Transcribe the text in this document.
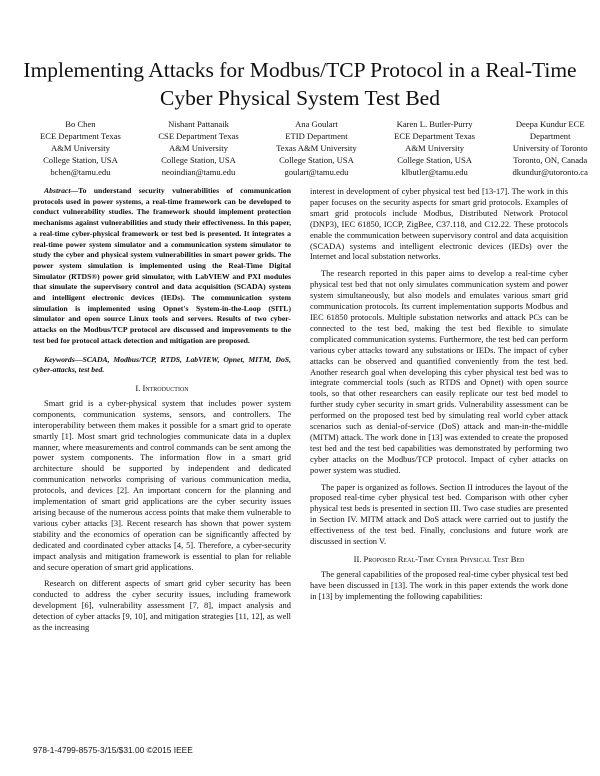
Implementing Attacks for Modbus/TCP Protocol in a Real-Time Cyber Physical System Test Bed
Bo Chen
ECE Department Texas
A&M University
College Station, USA
bchen@tamu.edu
Nishant Pattanaik
CSE Department Texas
A&M University
College Station, USA
neoindian@tamu.edu
Ana Goulart
ETID Department
Texas A&M University
College Station, USA
goulart@tamu.edu
Karen L. Butler-Purry
ECE Department Texas
A&M University
College Station, USA
klbutler@tamu.edu
Deepa Kundur ECE
Department
University of Toronto
Toronto, ON, Canada
dkundur@utoronto.ca

Abstract—To understand security vulnerabilities of communication protocols used in power systems, a real-time framework can be developed to conduct vulnerability studies. The framework should implement protection mechanisms against vulnerabilities and study their effectiveness. In this paper, a real-time cyber-physical framework or test bed is presented. It integrates a real-time power system simulator and a communication system simulator to study the cyber and physical system vulnerabilities in smart power grids. The power system simulation is implemented using the Real-Time Digital Simulator (RTDS®) power grid simulator, with LabVIEW and PXI modules that simulate the supervisory control and data acquisition (SCADA) system and intelligent electronic devices (IEDs). The communication system simulation is implemented using Opnet's System-in-the-Loop (SITL) simulator and open source Linux tools and servers. Results of two cyber-attacks on the Modbus/TCP protocol are discussed and improvements to the test bed for protocol attack detection and mitigation are proposed.

Keywords—SCADA, Modbus/TCP, RTDS, LabVIEW, Opnet, MITM, DoS, cyber-attacks, test bed.

I. Introduction

Smart grid is a cyber-physical system that includes power system components, communication systems, sensors, and controllers. The interoperability between them makes it possible for a smart grid to operate smartly [1]. Most smart grid technologies communicate data in a duplex manner, where measurements and control commands can be sent among the power system components. The information flow in a smart grid architecture should be supported by independent and dedicated communication networks comprising of various communication media, protocols, and devices [2]. An important concern for the planning and implementation of smart grid applications are the cyber security issues arising because of the numerous access points that make them vulnerable to various cyber attacks [3]. Recent research has shown that power system stability and the economics of operation can be significantly affected by dedicated and coordinated cyber attacks [4, 5]. Therefore, a cyber-security impact analysis and mitigation framework is essential to plan for reliable and secure operation of smart grid applications.

Research on different aspects of smart grid cyber security has been conducted to address the cyber security issues, including framework development [6], vulnerability assessment [7, 8], impact analysis and detection of cyber attacks [9, 10], and mitigation strategies [11, 12], as well as the increasing

interest in development of cyber physical test bed [13-17]. The work in this paper focuses on the security aspects for smart grid protocols. Examples of smart grid protocols include Modbus, Distributed Network Protocol (DNP3), IEC 61850, ICCP, ZigBee, C37.118, and C12.22. These protocols enable the communication between supervisory control and data acquisition (SCADA) systems and intelligent electronic devices (IEDs) over the Internet and local substation networks.

The research reported in this paper aims to develop a real-time cyber physical test bed that not only simulates communication system and power system simultaneously, but also models and emulates various smart grid communication protocols. Its current implementation supports Modbus and IEC 61850 protocols. Multiple substation networks and attack PCs can be connected to the test bed, making the test bed flexible to simulate complicated communication systems. Furthermore, the test bed can perform various cyber attacks toward any substations or IEDs. The impact of cyber attacks can be observed and quantified conveniently from the test bed. Another research goal when developing this cyber physical test bed was to integrate commercial tools (such as RTDS and Opnet) with open source tools, so that other researchers can easily replicate our test bed model to further study cyber security in smart grids. Vulnerability assessment can be performed on the proposed test bed by simulating real world cyber attack scenarios such as denial-of-service (DoS) attack and man-in-the-middle (MITM) attack. The work done in [13] was extended to create the proposed test bed and the test bed capabilities was demonstrated by performing two cyber attacks on the Modbus/TCP protocol. Impact of cyber attacks on power system was studied.

The paper is organized as follows. Section II introduces the layout of the proposed real-time cyber physical test bed. Comparison with other cyber physical test beds is presented in section III. Two case studies are presented in Section IV. MITM attack and DoS attack were carried out to justify the effectiveness of the test bed. Finally, conclusions and future work are discussed in section V.

II. Proposed Real-Time Cyber Physical Test Bed

The general capabilities of the proposed real-time cyber physical test bed have been discussed in [13]. The work in this paper extends the work done in [13] by implementing the following capabilities:

978-1-4799-8575-3/15/$31.00 ©2015 IEEE
